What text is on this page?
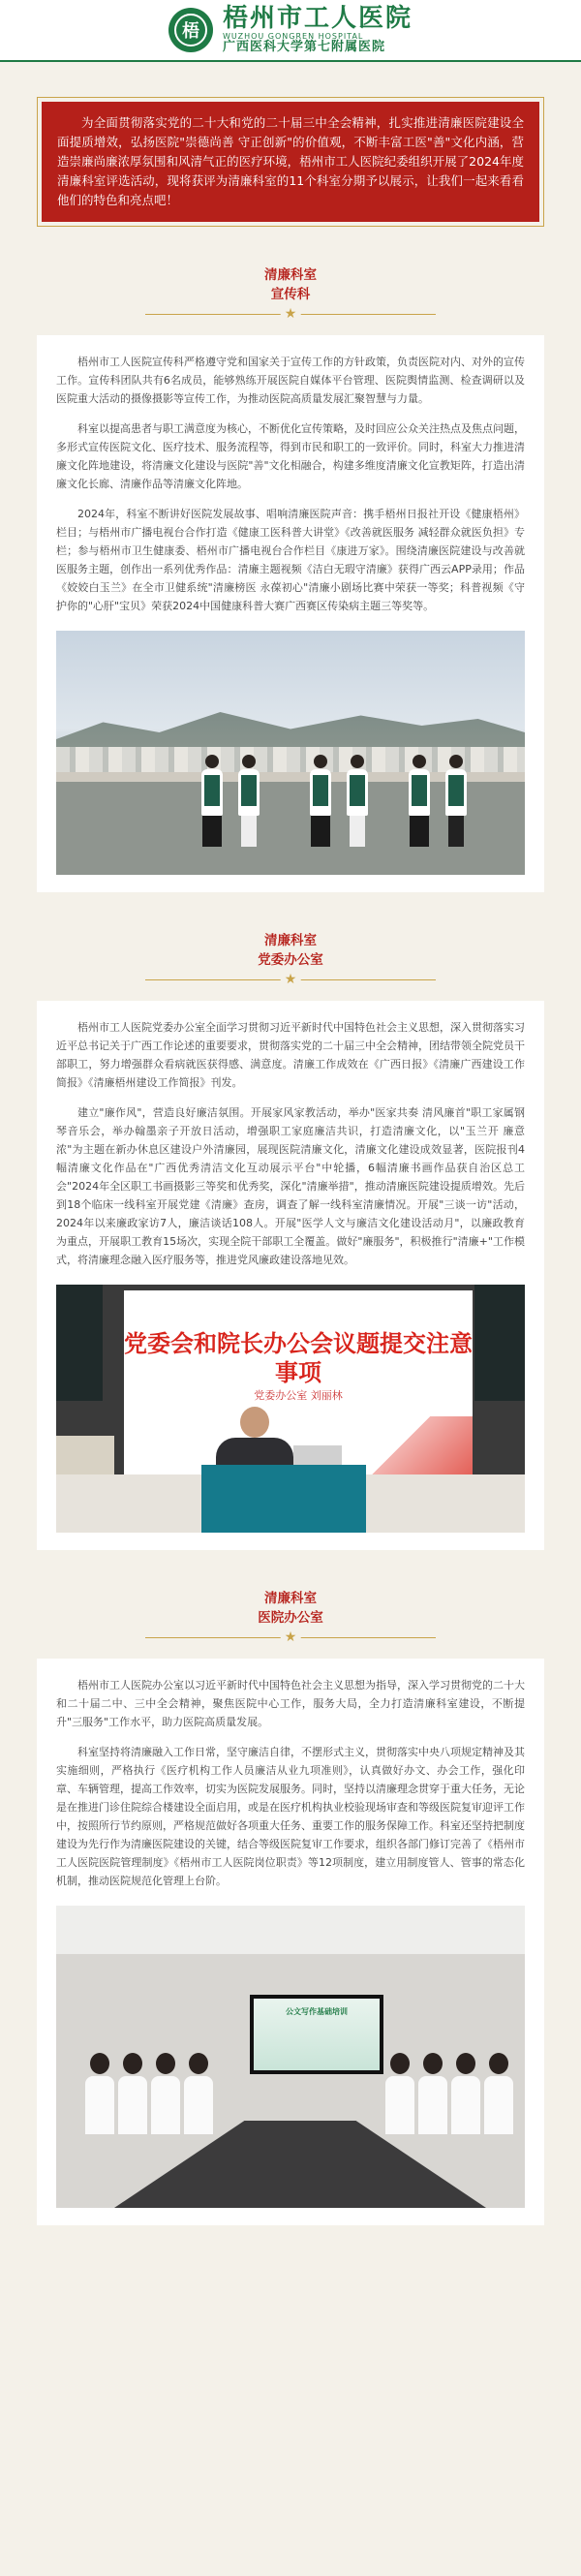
梧 梧州市工人医院
WUZHOU GONGREN HOSPITAL
广西医科大学第七附属医院
为全面贯彻落实党的二十大和党的二十届三中全会精神，扎实推进清廉医院建设全面提质增效，弘扬医院"崇德尚善 守正创新"的价值观，不断丰富工医"善"文化内涵，营造崇廉尚廉浓厚氛围和风清气正的医疗环境，梧州市工人医院纪委组织开展了2024年度清廉科室评选活动，现将获评为清廉科室的11个科室分期予以展示，让我们一起来看看他们的特色和亮点吧！
清廉科室
宣传科
★

梧州市工人医院宣传科严格遵守党和国家关于宣传工作的方针政策，负责医院对内、对外的宣传工作。宣传科团队共有6名成员，能够熟练开展医院自媒体平台管理、医院舆情监测、检查调研以及医院重大活动的摄像摄影等宣传工作，为推动医院高质量发展汇聚智慧与力量。

科室以提高患者与职工满意度为核心，不断优化宣传策略，及时回应公众关注热点及焦点问题，多形式宣传医院文化、医疗技术、服务流程等，得到市民和职工的一致评价。同时，科室大力推进清廉文化阵地建设，将清廉文化建设与医院"善"文化相融合，构建多维度清廉文化宣教矩阵，打造出清廉文化长廊、清廉作品等清廉文化阵地。

2024年，科室不断讲好医院发展故事、唱响清廉医院声音：携手梧州日报社开设《健康梧州》栏目；与梧州市广播电视台合作打造《健康工医科普大讲堂》《改善就医服务 减轻群众就医负担》专栏；参与梧州市卫生健康委、梧州市广播电视台合作栏目《康进万家》。围绕清廉医院建设与改善就医服务主题，创作出一系列优秀作品：清廉主题视频《洁白无瑕守清廉》获得广西云APP录用；作品《姣姣白玉兰》在全市卫健系统"清廉榜医 永葆初心"清廉小剧场比赛中荣获一等奖；科普视频《守护你的"心肝"宝贝》荣获2024中国健康科普大赛广西赛区传染病主题三等奖等。

清廉科室
党委办公室
★

梧州市工人医院党委办公室全面学习贯彻习近平新时代中国特色社会主义思想，深入贯彻落实习近平总书记关于广西工作论述的重要要求，贯彻落实党的二十届三中全会精神，团结带领全院党员干部职工，努力增强群众看病就医获得感、满意度。清廉工作成效在《广西日报》《清廉广西建设工作简报》《清廉梧州建设工作简报》刊发。

建立"廉作风"，营造良好廉洁氛围。开展家风家教活动，举办"医家共奏 清风廉首"职工家属钢琴音乐会，举办翰墨亲子开放日活动，增强职工家庭廉洁共识，打造清廉文化，以"玉兰开 廉意浓"为主题在新办休息区建设户外清廉园，展现医院清廉文化，清廉文化建设成效显著，医院报刊4幅清廉文化作品在"广西优秀清洁文化互动展示平台"中轮播，6幅清廉书画作品获自治区总工会"2024年全区职工书画摄影三等奖和优秀奖，深化"清廉举措"，推动清廉医院建设提质增效。先后到18个临床一线科室开展党建《清廉》查房，调查了解一线科室清廉情况。开展"三谈一访"活动，2024年以来廉政家访7人，廉洁谈话108人。开展"医学人文与廉洁文化建设活动月"，以廉政教育为重点，开展职工教育15场次，实现全院干部职工全覆盖。做好"廉服务"，积极推行"清廉+"工作模式，将清廉理念融入医疗服务等，推进党风廉政建设落地见效。

党委会和院长办公会议题提交注意事项
党委办公室 刘丽林
清廉科室
医院办公室
★

梧州市工人医院办公室以习近平新时代中国特色社会主义思想为指导，深入学习贯彻党的二十大和二十届二中、三中全会精神，聚焦医院中心工作，服务大局，全力打造清廉科室建设，不断提升"三服务"工作水平，助力医院高质量发展。

科室坚持将清廉融入工作日常，坚守廉洁自律，不摆形式主义，贯彻落实中央八项规定精神及其实施细则，严格执行《医疗机构工作人员廉洁从业九项准则》，认真做好办文、办会工作，强化印章、车辆管理，提高工作效率，切实为医院发展服务。同时，坚持以清廉理念贯穿于重大任务，无论是在推进门诊住院综合楼建设全面启用，或是在医疗机构执业校验现场审查和等级医院复审迎评工作中，按照所行节约原则，严格规范做好各项重大任务、重要工作的服务保障工作。科室还坚持把制度建设为先行作为清廉医院建设的关键，结合等级医院复审工作要求，组织各部门修订完善了《梧州市工人医院医院管理制度》《梧州市工人医院岗位职责》等12项制度，建立用制度管人、管事的常态化机制，推动医院规范化管理上台阶。

公文写作基础培训
